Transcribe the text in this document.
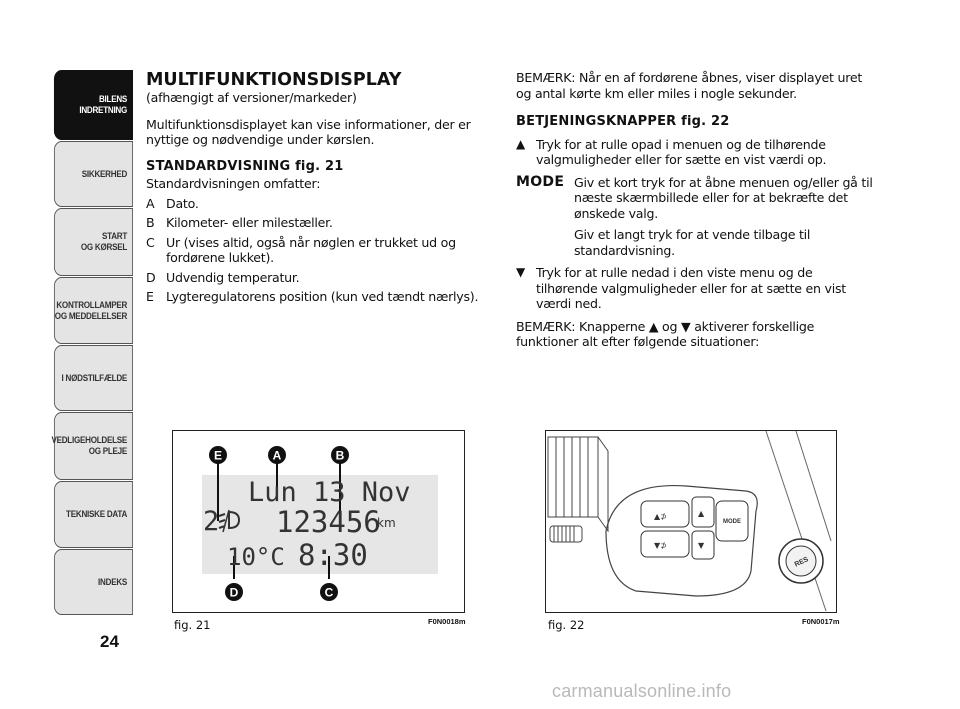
BILENS
INDRETNING
SIKKERHED
START
OG KØRSEL
KONTROLLAMPER
OG MEDDELELSER
I NØDSTILFÆLDE
VEDLIGEHOLDELSE
OG PLEJE
TEKNISKE DATA
INDEKS
24

MULTIFUNKTIONSDISPLAY

(afhængigt af versioner/markeder)

Multifunktionsdisplayet kan vise informationer, der er nyttige og nødvendige under kørslen.

STANDARDVISNING fig. 21

Standardvisningen omfatter:

A Dato.
B Kilometer- eller milestæller.
C Ur (vises altid, også når nøglen er trukket ud og fordørene lukket).
D Udvendig temperatur.
E Lygteregulatorens position (kun ved tændt nærlys).

BEMÆRK: Når en af fordørene åbnes, viser displayet uret og antal kørte km eller miles i nogle sekunder.

BETJENINGSKNAPPER fig. 22

▲ Tryk for at rulle opad i menuen og de tilhørende valgmuligheder eller for sætte en vist værdi op.
MODE Giv et kort tryk for at åbne menuen og/eller gå til næste skærmbillede eller for at bekræfte det ønskede valg.

Giv et langt tryk for at vende tilbage til standardvisning.

▼ Tryk for at rulle nedad i den viste menu og de tilhørende valgmuligheder eller for at sætte en vist værdi ned.

BEMÆRK: Knapperne ▲ og ▼ aktiverer forskellige funktioner alt efter følgende situationer:

Lun 13 Nov
2 123456
km
10°C 8:30
E	A	B
D	C
fig. 21	F0N0018m
▲⊅
▼⊅
▲
▼
MODE
RES
fig. 22	F0N0017m
carmanualsonline.info
